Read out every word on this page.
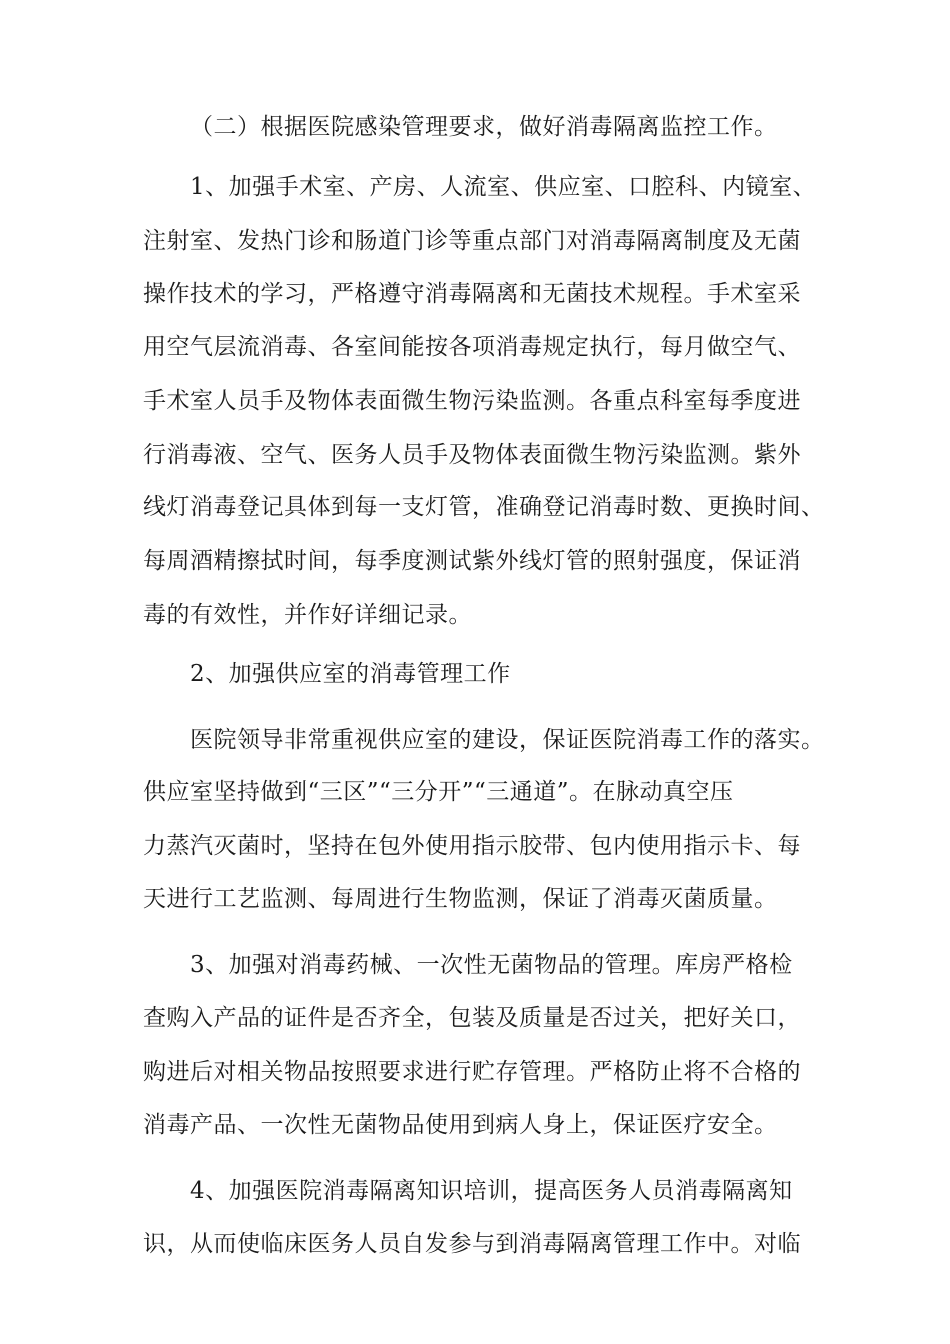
（二）根据医院感染管理要求，做好消毒隔离监控工作。
1、加强手术室、产房、人流室、供应室、口腔科、内镜室、
注射室、发热门诊和肠道门诊等重点部门对消毒隔离制度及无菌
操作技术的学习，严格遵守消毒隔离和无菌技术规程。手术室采
用空气层流消毒、各室间能按各项消毒规定执行，每月做空气、
手术室人员手及物体表面微生物污染监测。各重点科室每季度进
行消毒液、空气、医务人员手及物体表面微生物污染监测。紫外
线灯消毒登记具体到每一支灯管，准确登记消毒时数、更换时间、
每周酒精擦拭时间，每季度测试紫外线灯管的照射强度，保证消
毒的有效性，并作好详细记录。
2、加强供应室的消毒管理工作
医院领导非常重视供应室的建设，保证医院消毒工作的落实。
供应室坚持做到“三区”“三分开”“三通道”。在脉动真空压
力蒸汽灭菌时，坚持在包外使用指示胶带、包内使用指示卡、每
天进行工艺监测、每周进行生物监测，保证了消毒灭菌质量。
3、加强对消毒药械、一次性无菌物品的管理。库房严格检
查购入产品的证件是否齐全，包装及质量是否过关，把好关口，
购进后对相关物品按照要求进行贮存管理。严格防止将不合格的
消毒产品、一次性无菌物品使用到病人身上，保证医疗安全。
4、加强医院消毒隔离知识培训，提高医务人员消毒隔离知
识，从而使临床医务人员自发参与到消毒隔离管理工作中。对临
